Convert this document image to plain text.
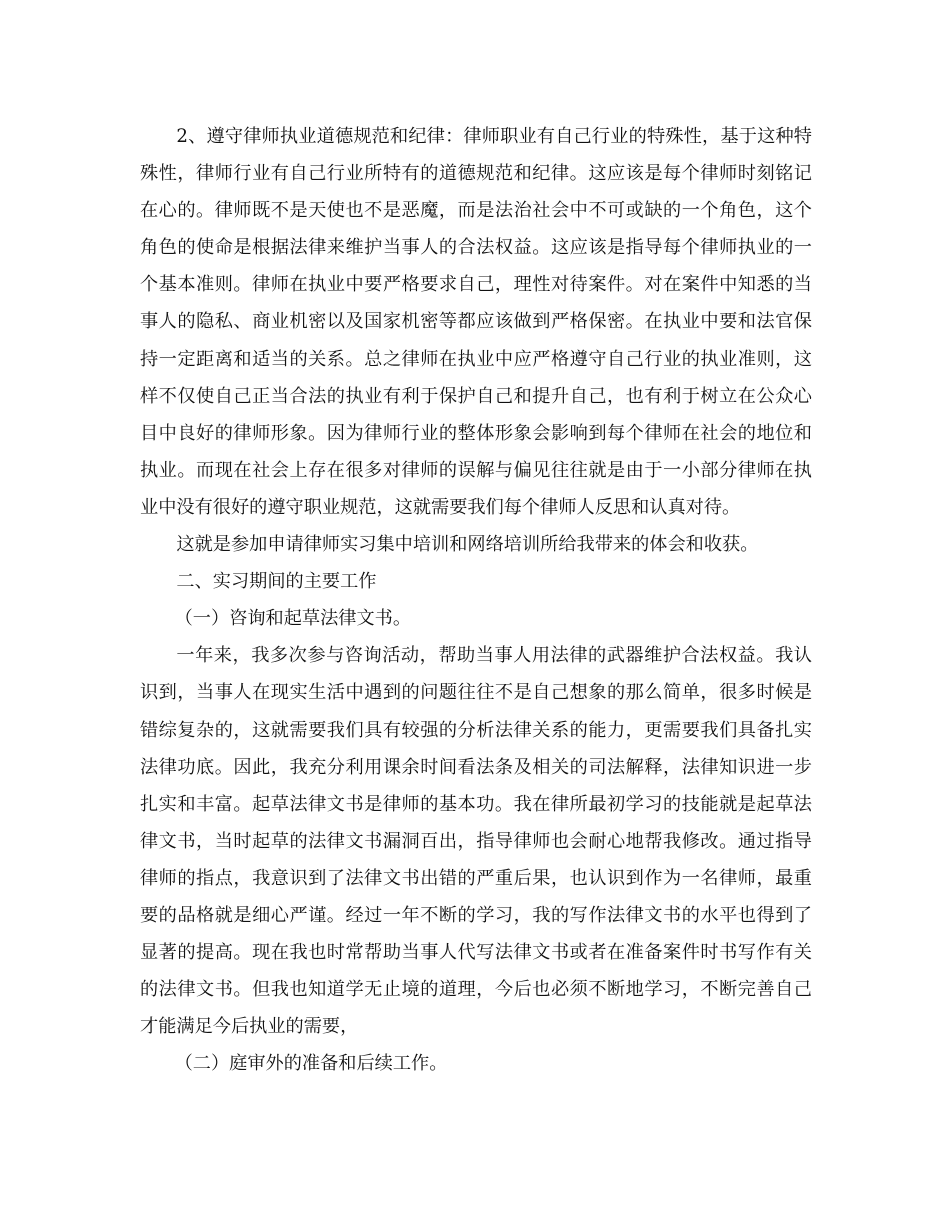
2、遵守律师执业道德规范和纪律：律师职业有自己行业的特殊性，基于这种特殊性，律师行业有自己行业所特有的道德规范和纪律。这应该是每个律师时刻铭记在心的。律师既不是天使也不是恶魔，而是法治社会中不可或缺的一个角色，这个角色的使命是根据法律来维护当事人的合法权益。这应该是指导每个律师执业的一个基本准则。律师在执业中要严格要求自己，理性对待案件。对在案件中知悉的当事人的隐私、商业机密以及国家机密等都应该做到严格保密。在执业中要和法官保持一定距离和适当的关系。总之律师在执业中应严格遵守自己行业的执业准则，这样不仅使自己正当合法的执业有利于保护自己和提升自己，也有利于树立在公众心目中良好的律师形象。因为律师行业的整体形象会影响到每个律师在社会的地位和执业。而现在社会上存在很多对律师的误解与偏见往往就是由于一小部分律师在执业中没有很好的遵守职业规范，这就需要我们每个律师人反思和认真对待。

这就是参加申请律师实习集中培训和网络培训所给我带来的体会和收获。

二、实习期间的主要工作

（一）咨询和起草法律文书。

一年来，我多次参与咨询活动，帮助当事人用法律的武器维护合法权益。我认识到，当事人在现实生活中遇到的问题往往不是自己想象的那么简单，很多时候是错综复杂的，这就需要我们具有较强的分析法律关系的能力，更需要我们具备扎实法律功底。因此，我充分利用课余时间看法条及相关的司法解释，法律知识进一步扎实和丰富。起草法律文书是律师的基本功。我在律所最初学习的技能就是起草法律文书，当时起草的法律文书漏洞百出，指导律师也会耐心地帮我修改。通过指导律师的指点，我意识到了法律文书出错的严重后果，也认识到作为一名律师，最重要的品格就是细心严谨。经过一年不断的学习，我的写作法律文书的水平也得到了显著的提高。现在我也时常帮助当事人代写法律文书或者在准备案件时书写作有关的法律文书。但我也知道学无止境的道理，今后也必须不断地学习，不断完善自己才能满足今后执业的需要，

（二）庭审外的准备和后续工作。
